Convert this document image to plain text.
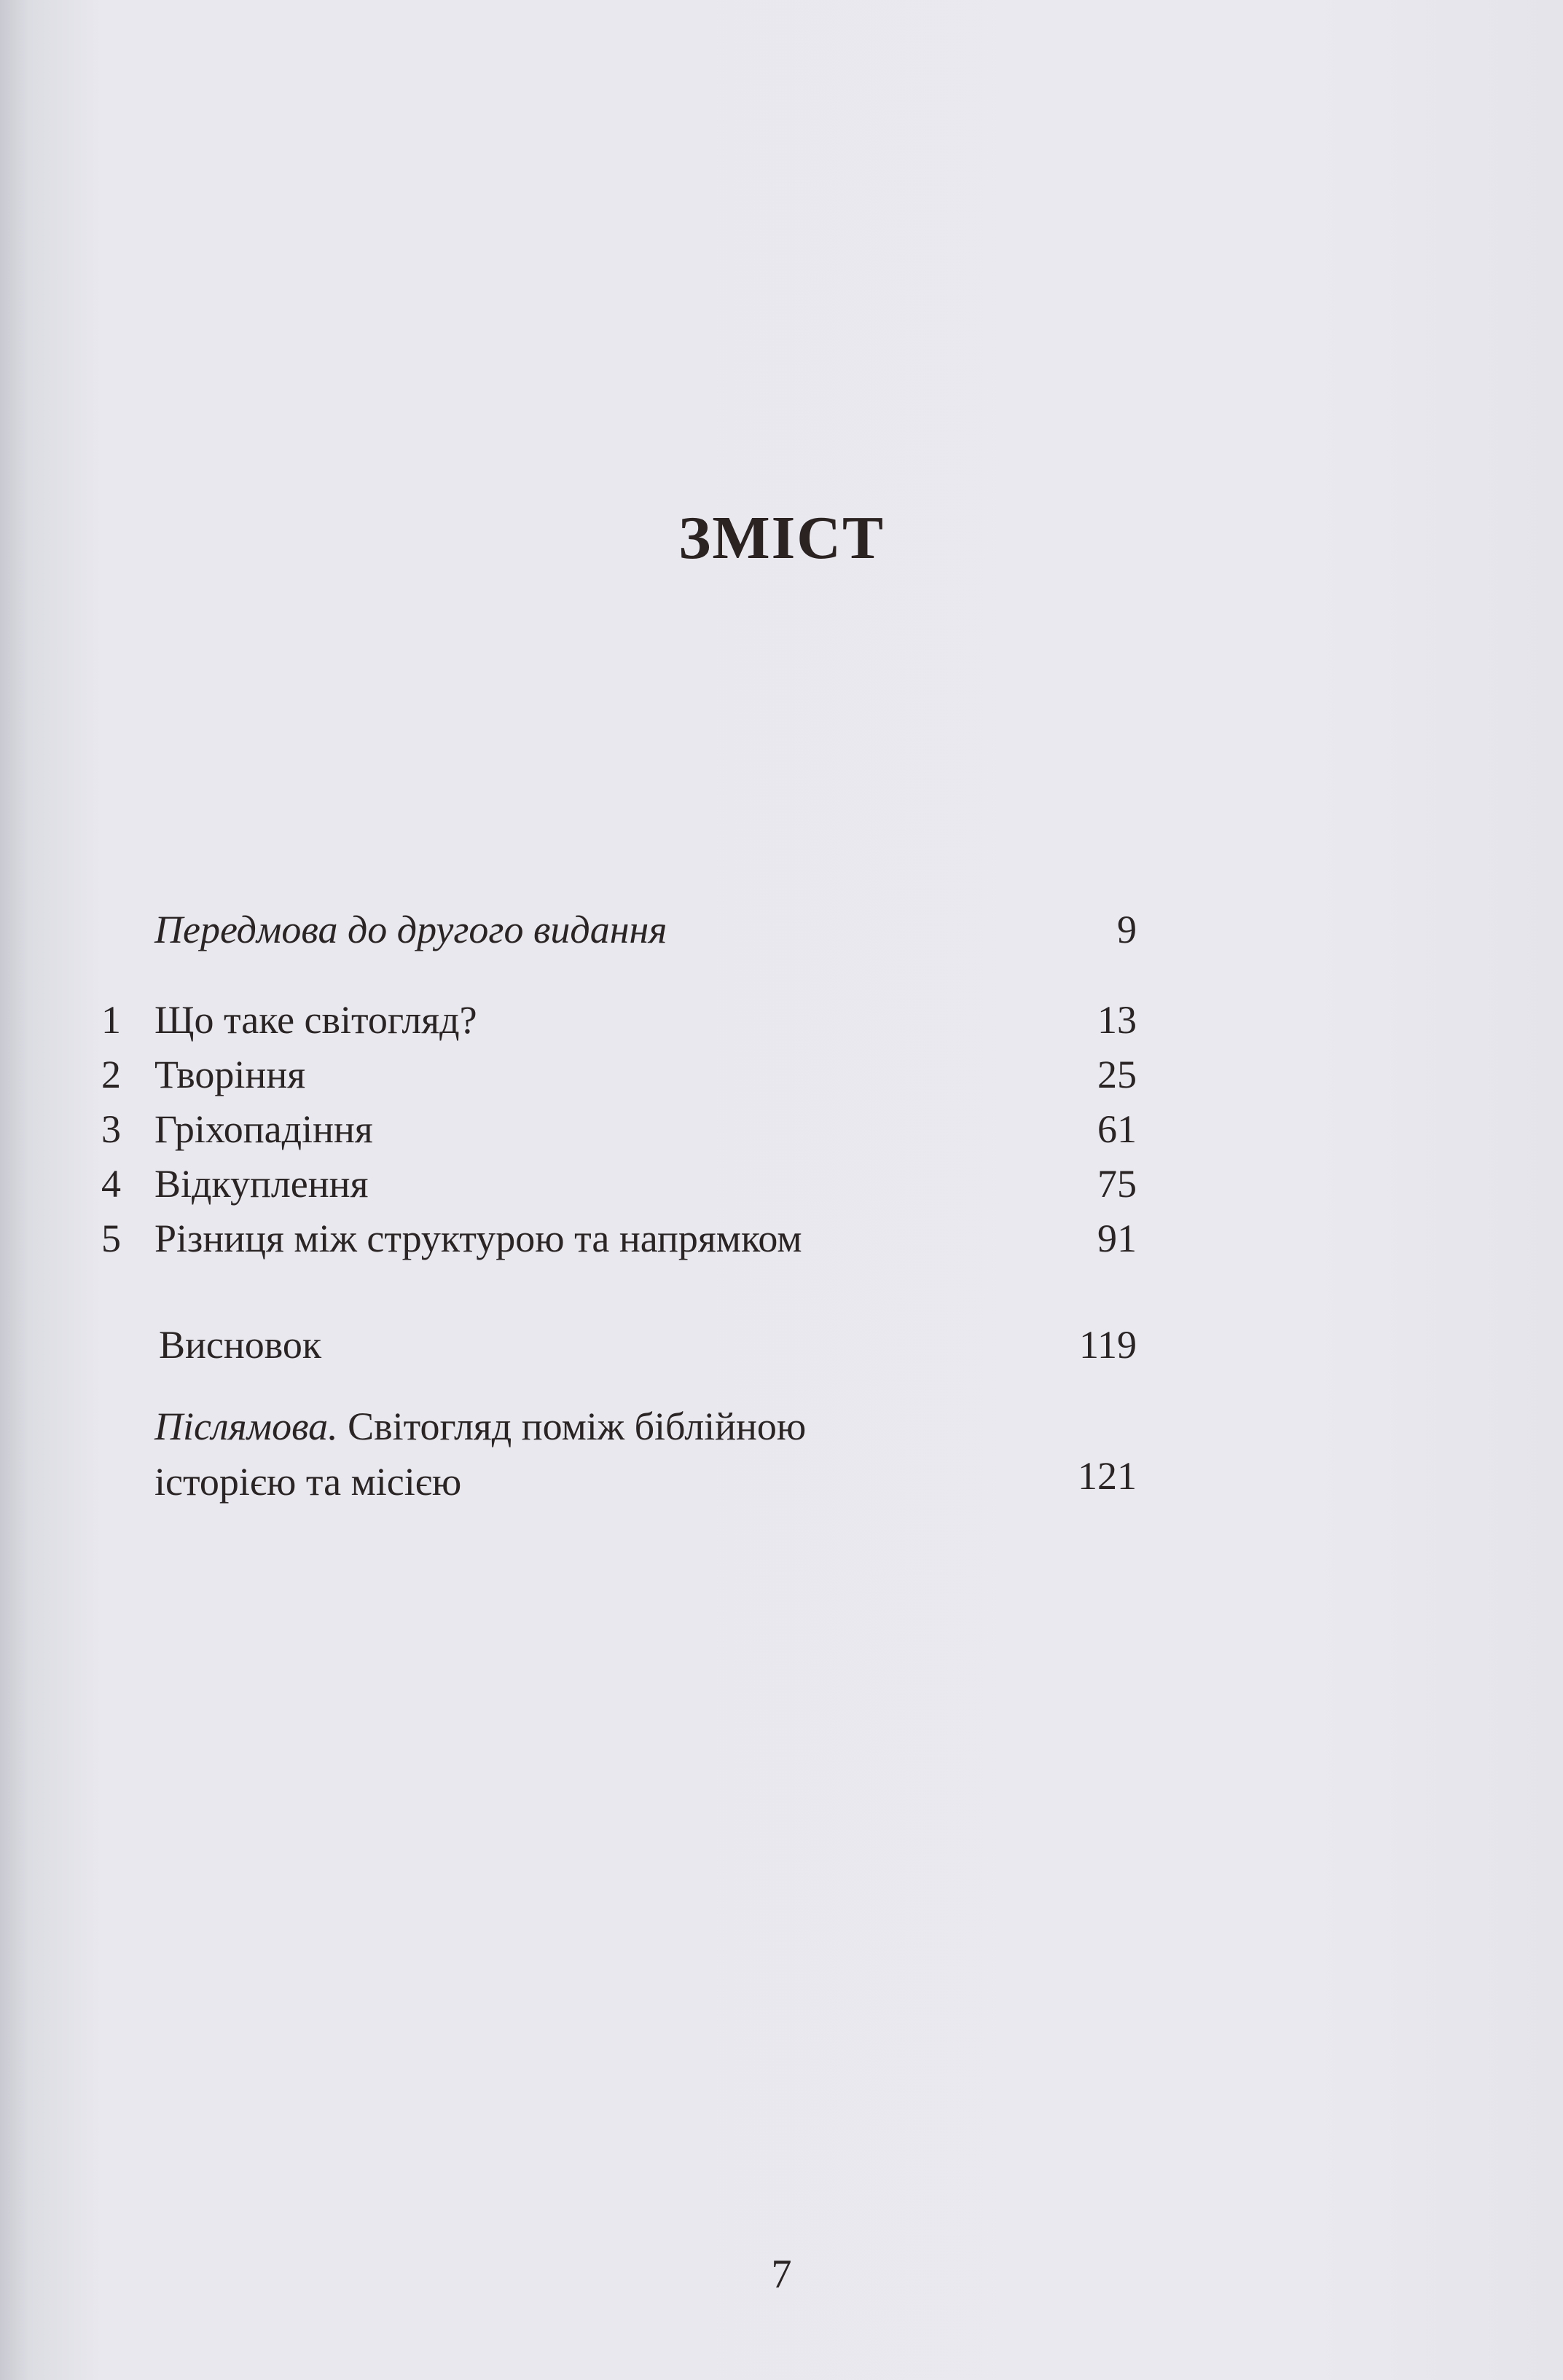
ЗМІСТ
Передмова до другого видання	9
1 Що таке світогляд?	13
2 Творіння	25
3 Гріхопадіння	61
4 Відкуплення	75
5 Різниця між структурою та напрямком	91
Висновок	119
Післямова. Світогляд поміж біблійною
історією та місією	121
7
